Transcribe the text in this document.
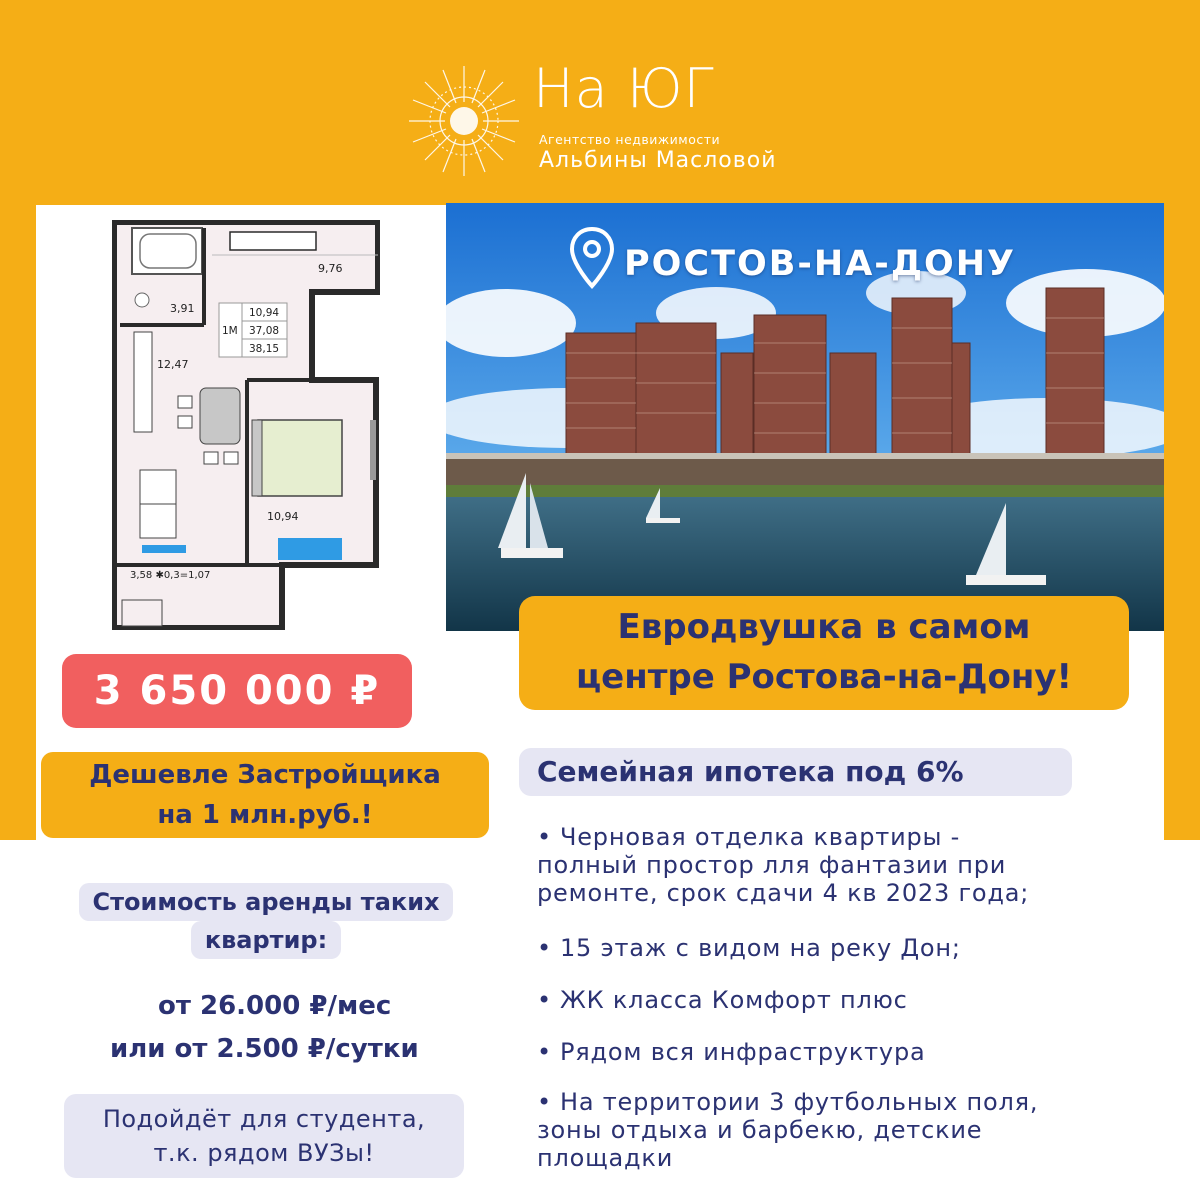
На ЮГ
Агентство недвижимости
Альбины Масловой
9,76
3,91	10,94
37,08
38,15
1М
12,47
10,94
3,58 ✱0,3=1,07
РОСТОВ-НА-ДОНУ
Евродвушка в самом
центре Ростова-на-Дону!
3 650 000 ₽
Дешевле Застройщика
на 1 млн.руб.!
Семейная ипотека под 6%
Стоимость аренды таких
квартир:
от 26.000 ₽/мес
или от 2.500 ₽/сутки
Подойдёт для студента,
т.к. рядом ВУЗы!
• Черновая отделка квартиры -
полный простор лля фантазии при
ремонте, срок сдачи 4 кв 2023 года;
• 15 этаж с видом на реку Дон;
• ЖК класса Комфорт плюс
• Рядом вся инфраструктура
• На территории 3 футбольных поля,
зоны отдыха и барбекю, детские
площадки
